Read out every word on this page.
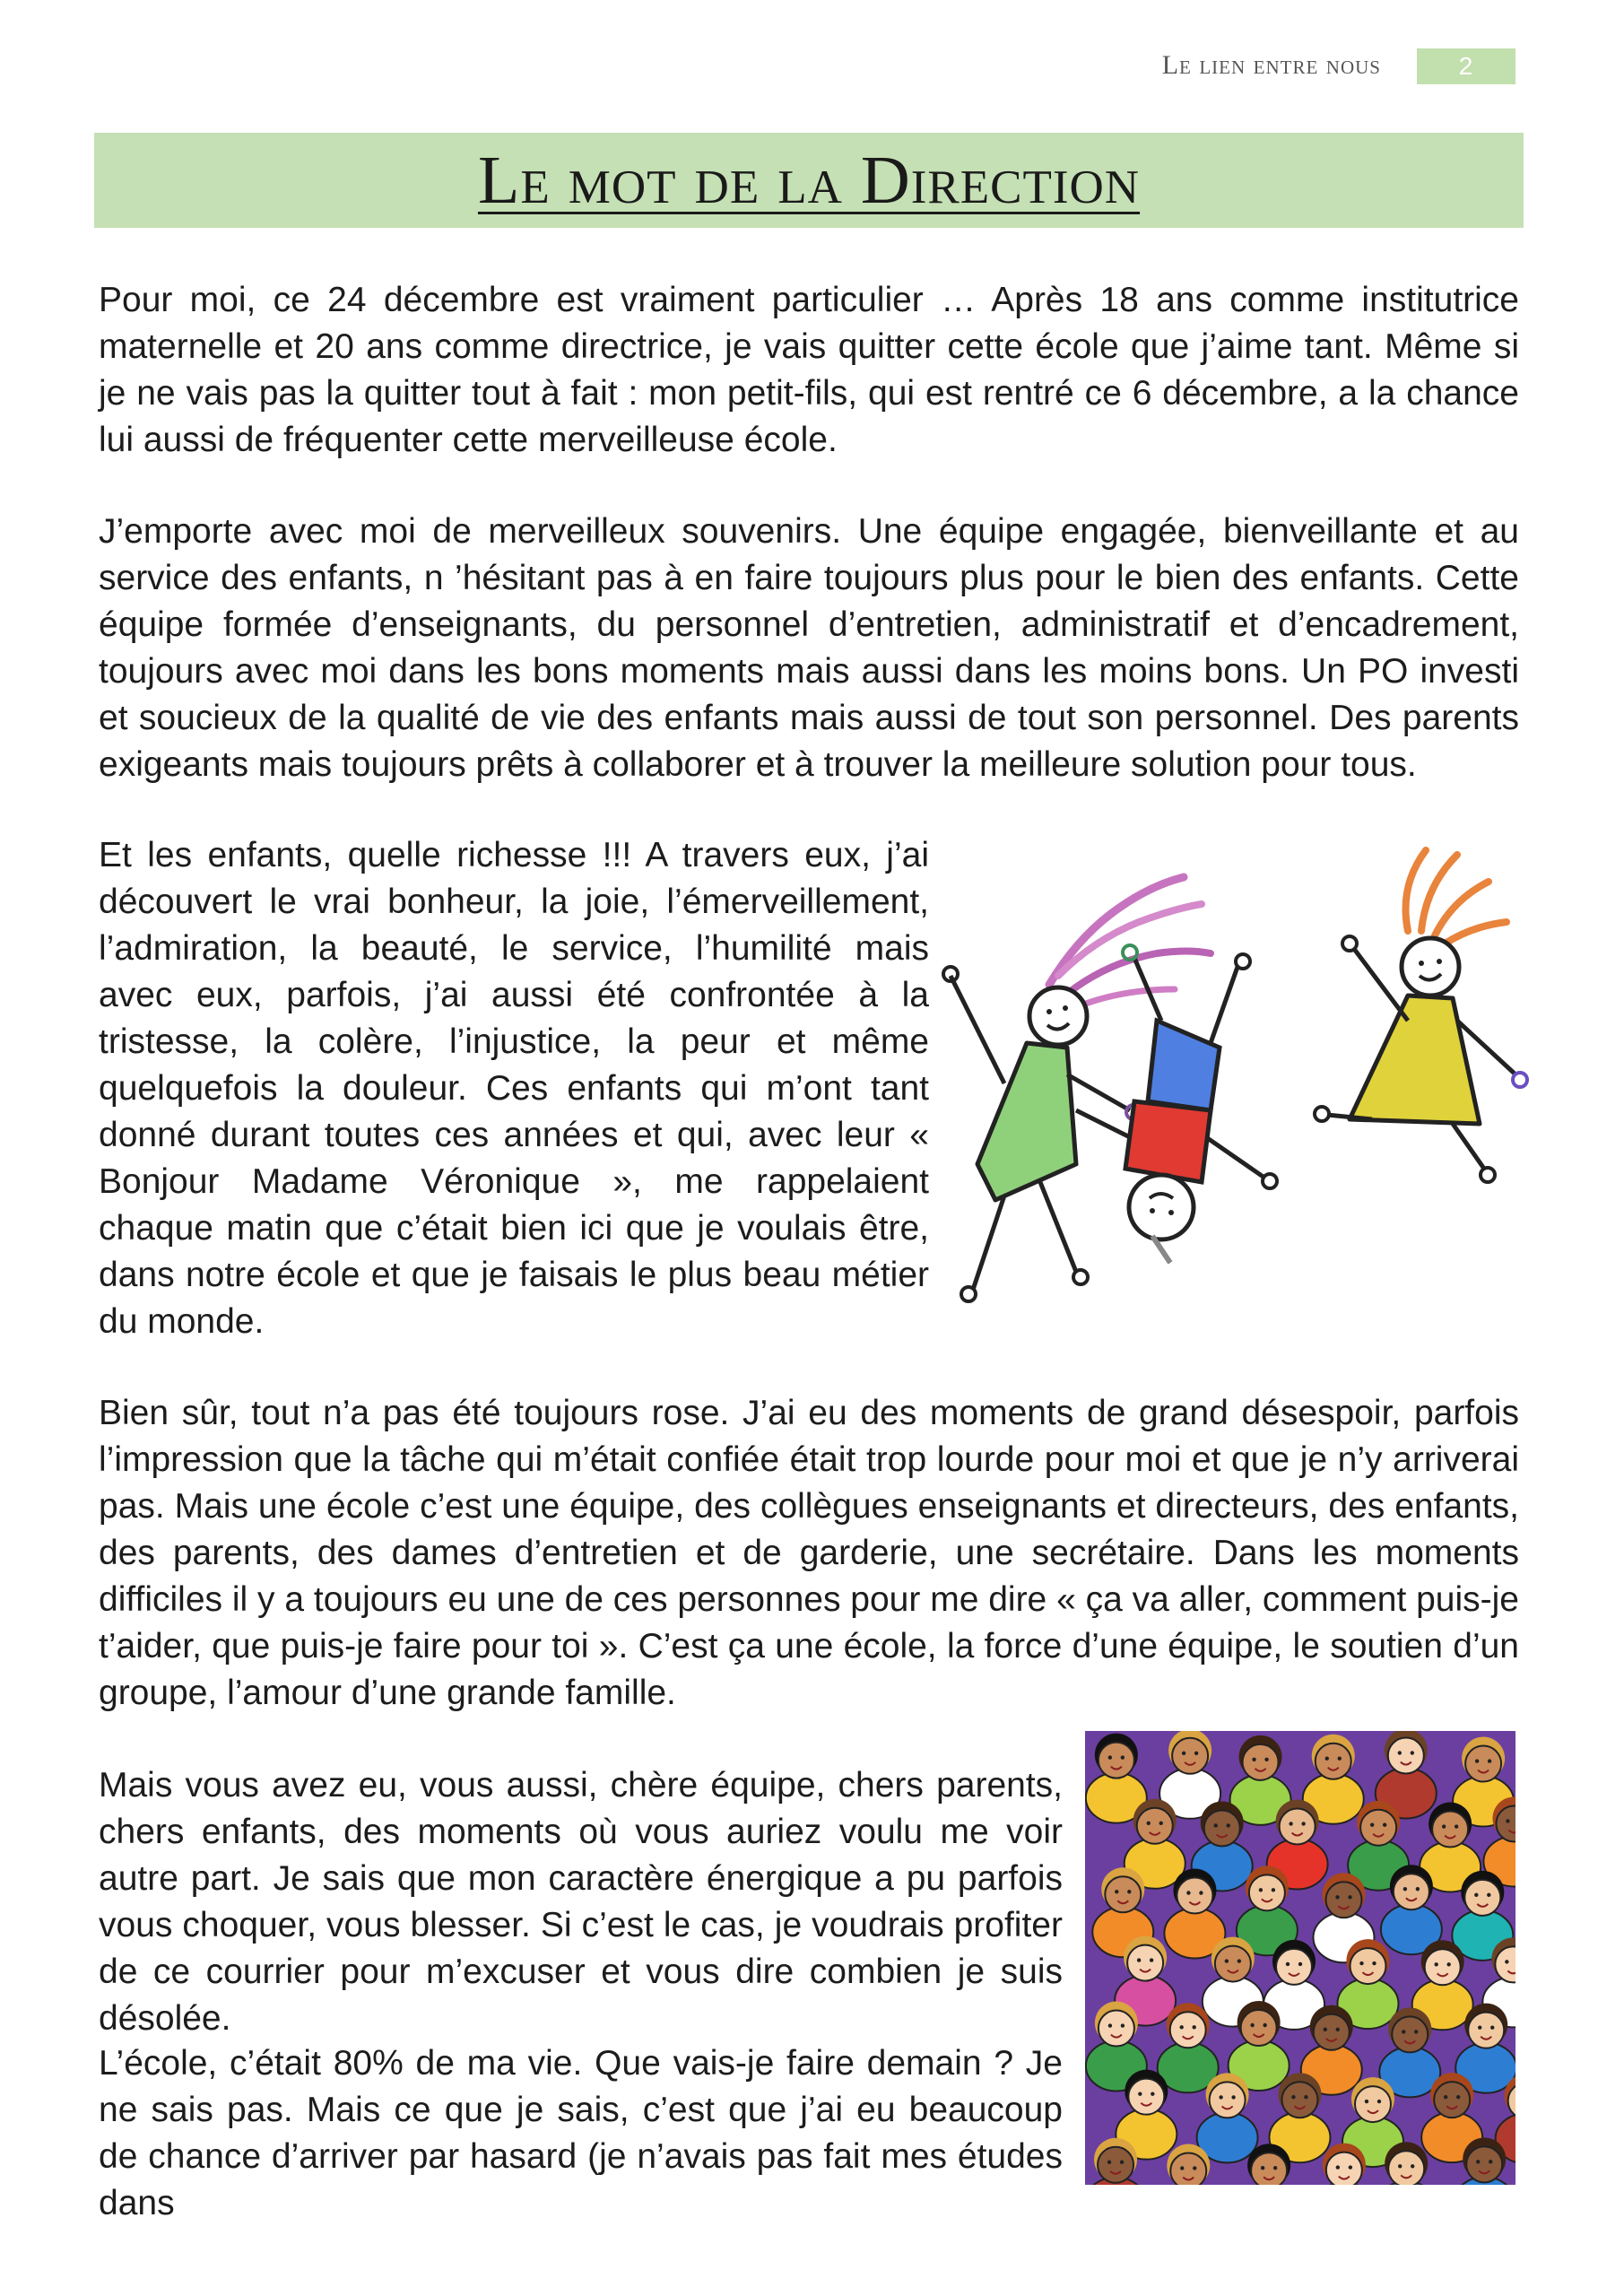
Le lien entre nous	2
Le mot de la Direction

Pour moi, ce 24 décembre est vraiment particulier … Après 18 ans comme institutrice maternelle et 20 ans comme directrice, je vais quitter cette école que j’aime tant. Même si je ne vais pas la quitter tout à fait : mon petit-fils, qui est rentré ce 6 décembre, a la chance lui aussi de fréquenter cette merveilleuse école.

J’emporte avec moi de merveilleux souvenirs. Une équipe engagée, bienveillante et au service des enfants, n ’hésitant pas à en faire toujours plus pour le bien des enfants. Cette équipe formée d’enseignants, du personnel d’entretien, administratif et d’encadrement, toujours avec moi dans les bons moments mais aussi dans les moins bons. Un PO investi et soucieux de la qualité de vie des enfants mais aussi de tout son personnel. Des parents exigeants mais toujours prêts à collaborer et à trouver la meilleure solution pour tous.

Et les enfants, quelle richesse !!! A travers eux, j’ai découvert le vrai bonheur, la joie, l’émerveillement, l’admiration, la beauté, le service, l’humilité mais avec eux, parfois, j’ai aussi été confrontée à la tristesse, la colère, l’injustice, la peur et même quelquefois la douleur. Ces enfants qui m’ont tant donné durant toutes ces années et qui, avec leur « Bonjour Madame Véronique », me rappelaient chaque matin que c’était bien ici que je voulais être, dans notre école et que je faisais le plus beau métier du monde.

Bien sûr, tout n’a pas été toujours rose. J’ai eu des moments de grand désespoir, parfois l’impression que la tâche qui m’était confiée était trop lourde pour moi et que je n’y arriverai pas. Mais une école c’est une équipe, des collègues enseignants et directeurs, des enfants, des parents, des dames d’entretien et de garderie, une secrétaire. Dans les moments difficiles il y a toujours eu une de ces personnes pour me dire « ça va aller, comment puis-je t’aider, que puis-je faire pour toi ». C’est ça une école, la force d’une équipe, le soutien d’un groupe, l’amour d’une grande famille.

Mais vous avez eu, vous aussi, chère équipe, chers parents, chers enfants, des moments où vous auriez voulu me voir autre part. Je sais que mon caractère énergique a pu parfois vous choquer, vous blesser. Si c’est le cas, je voudrais profiter de ce courrier pour m’excuser et vous dire combien je suis désolée.

L’école, c’était 80% de ma vie. Que vais-je faire demain ? Je ne sais pas. Mais ce que je sais, c’est que j’ai eu beaucoup de chance d’arriver par hasard (je n’avais pas fait mes études dans
